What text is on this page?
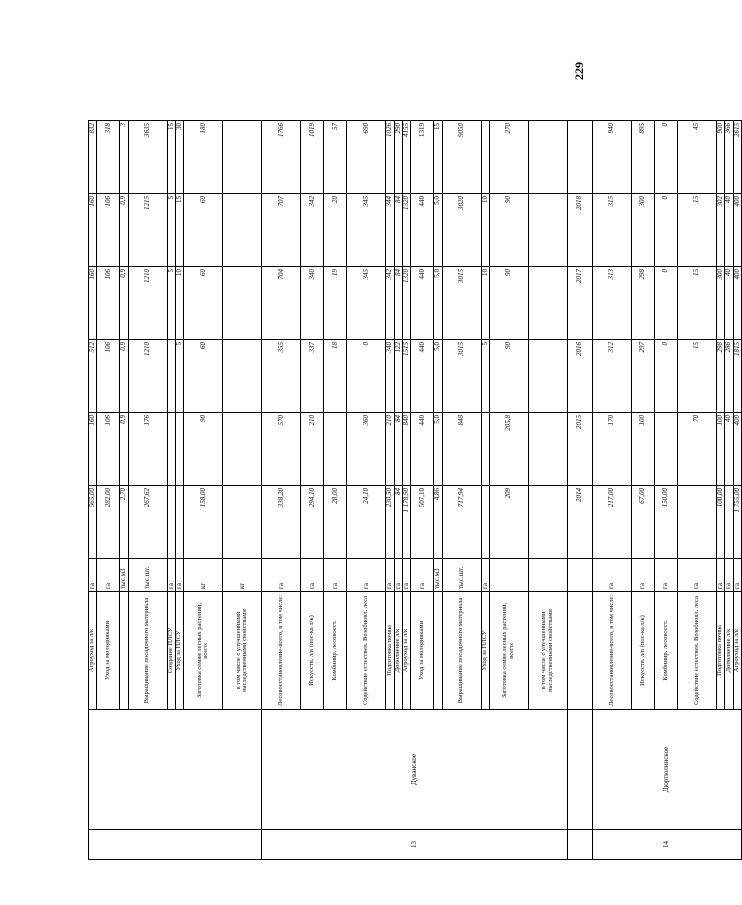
229
		Агроуход за л/к	га	565,00	160	512	160	160	832
		Уход за молодняками	га	282,00	106	106	106	106	318
			тыс.м3	2,70	0,9	0,9	0,9	0,9	3
		Выращивание посадочного материала	тыс.шт.	267,62	176	1210	1210	1215	3635
		Создание ПЛСУ	га				5	5	15
		Уход за ПЛСУ	га			5	10	15	30
		Заготовка семян лесных растений, всего:	кг	158,00	90	60	60	60	180
		в том числе с улучшенными наследственными свойствами	кг						
13	Дуванское	Лесовосстановление-всего, в том числе:	га	338,20	570	355	704	707	1766
		Искусств. л/в (пос-ка л/к)	га	294,10	210	337	340	342	1019
		Комбинир. лесовосст.	га	20,00		18	19	20	57
		Содействие естествен. Возобновл. леса	га	24,10	360	0	345	345	690
		Подготовка почвы	га	230,50	210	340	342	344	1026
		Дополнение л/к	га	84	84	122	84	84	290
		Агроуход за л/к	га	1 178,90	840	1515	1320	1320	4155
		Уход за молодняками	га	507,10	440	440	440	440	1319
			тыс.м3	4,86	5,0	5,0	5,0	5,0	15
		Выращивание посадочного материала	тыс.шт.	717,94	848	3015	3015	3020	9050
		Уход за ПЛСУ	га			5	10	10	
		Заготовка семян лесных растений, всего:		209	205,8	90	90	90	270
		в том числе с улучшенными наследственными свойствами							
				2014	2015	2016	2017	2018	
14	Дюртюлинское	Лесовосстановление-всего, в том числе:	га	217,00	170	312	313	315	940
		Искусств. л/в (пос-ка л/к)	га	67,00	100	297	298	300	895
		Комбинир. лесовосст.	га	150,00		0	0	0	0
		Содействие естествен. Возобновл. леса	га		70	15	15	15	45
		Подготовка почвы	га	100,00	100	298	300	302	900
		Дополнение л/к	га		40	286	40	40	366
		Агроуход за л/к	га	1 755,00	400	1815	400	400	2615
